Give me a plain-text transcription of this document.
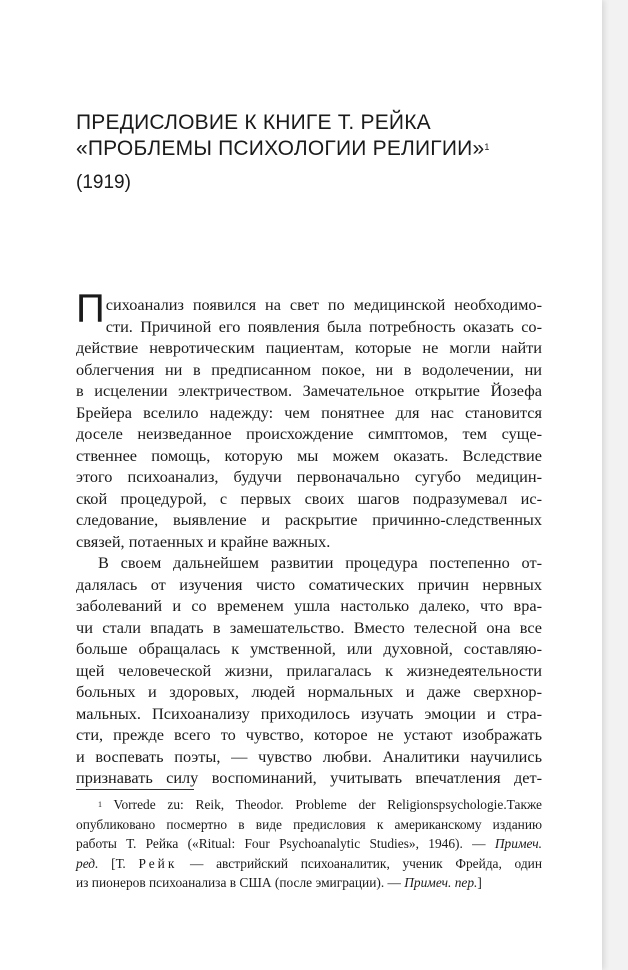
ПРЕДИСЛОВИЕ К КНИГЕ Т. РЕЙКА
«ПРОБЛЕМЫ ПСИХОЛОГИИ РЕЛИГИИ»$^1$
(1919)
Психоанализ появился на свет по медицинской необходимо-
сти. Причиной его появления была потребность оказать со-
действие невротическим пациентам, которые не могли найти
облегчения ни в предписанном покое, ни в водолечении, ни
в исцелении электричеством. Замечательное открытие Йозефа
Брейера вселило надежду: чем понятнее для нас становится
доселе неизведанное происхождение симптомов, тем суще-
ственнее помощь, которую мы можем оказать. Вследствие
этого психоанализ, будучи первоначально сугубо медицин-
ской процедурой, с первых своих шагов подразумевал ис-
следование, выявление и раскрытие причинно-следственных
связей, потаенных и крайне важных.
В своем дальнейшем развитии процедура постепенно от-
далялась от изучения чисто соматических причин нервных
заболеваний и со временем ушла настолько далеко, что вра-
чи стали впадать в замешательство. Вместо телесной она все
больше обращалась к умственной, или духовной, составляю-
щей человеческой жизни, прилагалась к жизнедеятельности
больных и здоровых, людей нормальных и даже сверхнор-
мальных. Психоанализу приходилось изучать эмоции и стра-
сти, прежде всего то чувство, которое не устают изображать
и воспевать поэты, — чувство любви. Аналитики научились
признавать силу воспоминаний, учитывать впечатления дет-
$^1$ Vorrede zu: Reik, Theodor. Probleme der Religionspsychologie.Также
опубликовано посмертно в виде предисловия к американскому изданию
работы Т. Рейка («Ritual: Four Psychoanalytic Studies», 1946). — Примеч.
ред. [Т. Рейк — австрийский психоаналитик, ученик Фрейда, один
из пионеров психоанализа в США (после эмиграции). — Примеч. пер.]
